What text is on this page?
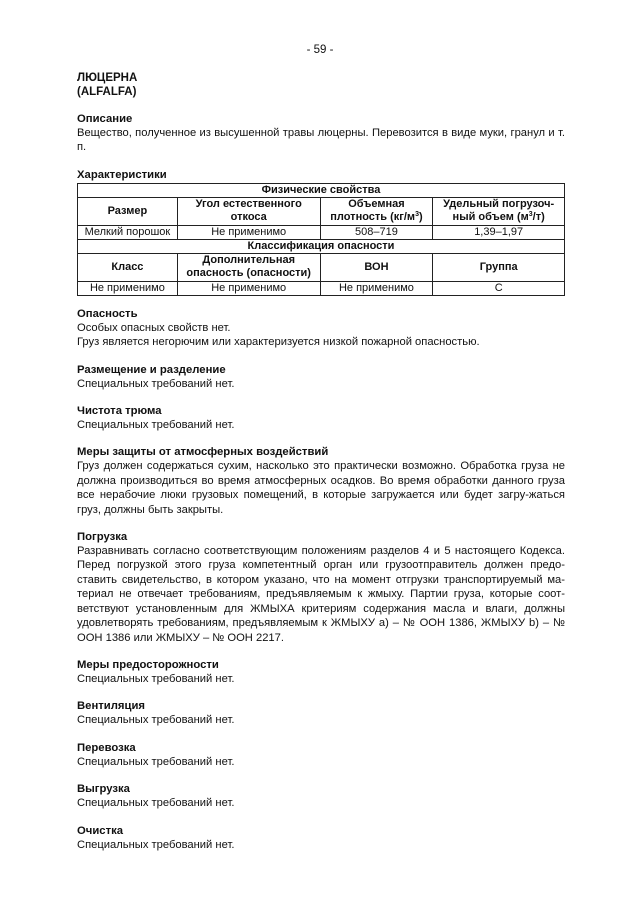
- 59 -
ЛЮЦЕРНА
(ALFALFA)
Описание

Вещество, полученное из высушенной травы люцерны. Перевозится в виде муки, гранул и т. п.

Характеристики
Физические свойства			
Размер	Угол естественного откоса	Объемная плотность $(кг/м^3)$	Удельный погрузоч-ный объем $(м^3/т)$
Мелкий порошок	Не применимо	508–719	1,39–1,97
Классификация опасности			
Класс	Дополнительная опасность (опасности)	ВОН	Группа
Не применимо	Не применимо	Не применимо	C
Опасность

Особых опасных свойств нет.

Груз является негорючим или характеризуется низкой пожарной опасностью.

Размещение и разделение

Специальных требований нет.

Чистота трюма

Специальных требований нет.

Меры защиты от атмосферных воздействий

Груз должен содержаться сухим, насколько это практически возможно. Обработка груза не должна производиться во время атмосферных осадков. Во время обработки данного груза все нерабочие люки грузовых помещений, в которые загружается или будет загру-жаться груз, должны быть закрыты.

Погрузка

Разравнивать согласно соответствующим положениям разделов 4 и 5 настоящего Кодекса. Перед погрузкой этого груза компетентный орган или грузоотправитель должен предо-ставить свидетельство, в котором указано, что на момент отгрузки транспортируемый ма-териал не отвечает требованиям, предъявляемым к жмыху. Партии груза, которые соот-ветствуют установленным для ЖМЫХА критериям содержания масла и влаги, должны удовлетворять требованиям, предъявляемым к ЖМЫХУ a) – № ООН 1386, ЖМЫХУ b) – № ООН 1386 или ЖМЫХУ – № ООН 2217.

Меры предосторожности

Специальных требований нет.

Вентиляция

Специальных требований нет.

Перевозка

Специальных требований нет.

Выгрузка

Специальных требований нет.

Очистка

Специальных требований нет.
